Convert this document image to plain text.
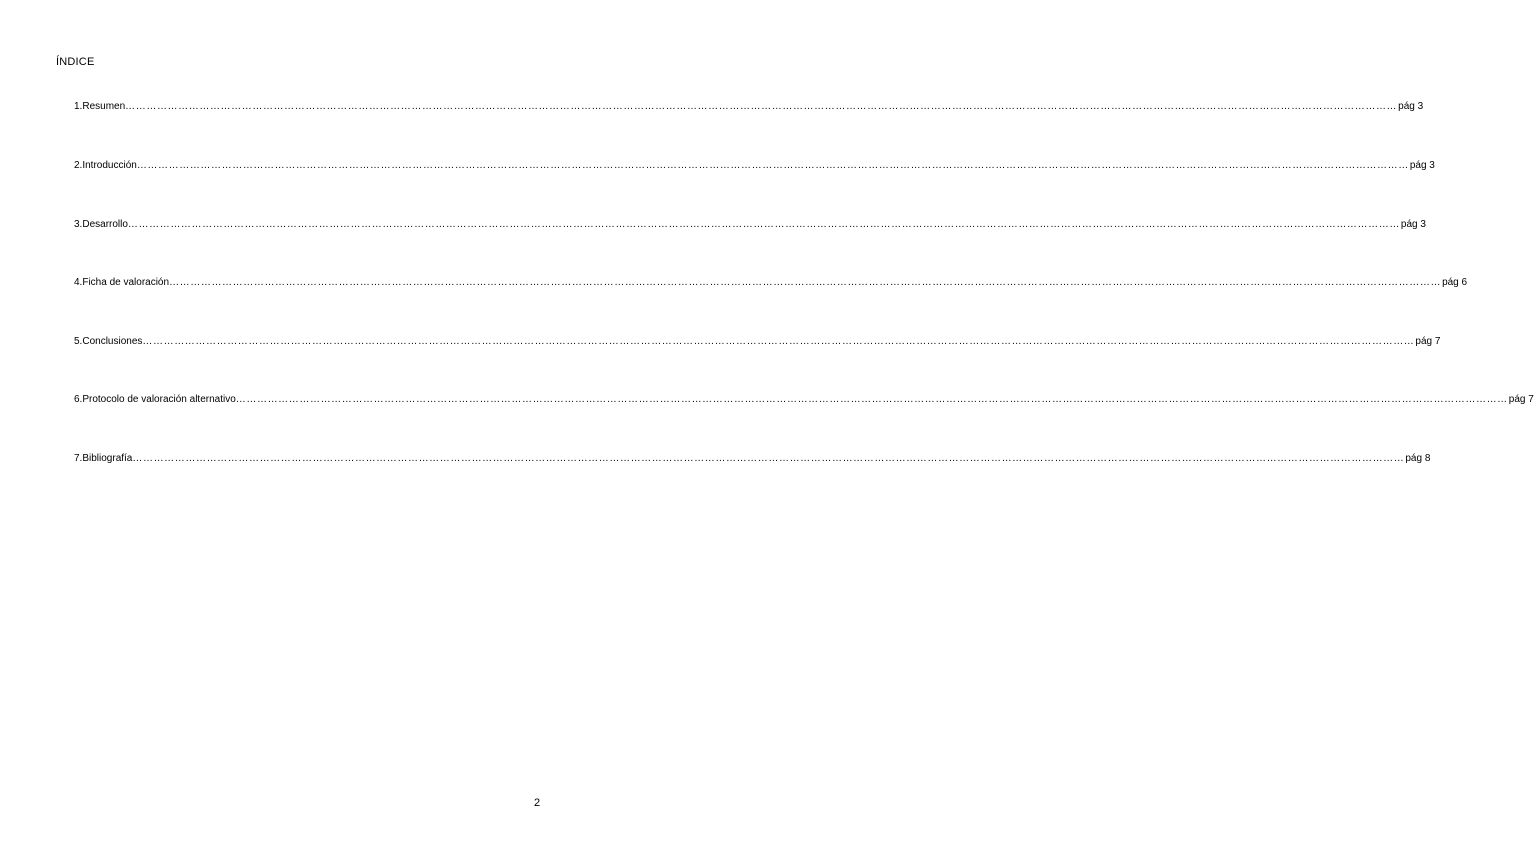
ÍNDICE
1. Resumen ……………………………………………………………………………………………………………………………………………………………………………………………………………………………………………………………………………………………………………………………… pág 3
2. Introducción ……………………………………………………………………………………………………………………………………………………………………………………………………………………………………………………………………………………………………………………………… pág 3
3. Desarrollo ……………………………………………………………………………………………………………………………………………………………………………………………………………………………………………………………………………………………………………………………… pág 3
4. Ficha de valoración ……………………………………………………………………………………………………………………………………………………………………………………………………………………………………………………………………………………………………………………………… pág 6
5. Conclusiones ……………………………………………………………………………………………………………………………………………………………………………………………………………………………………………………………………………………………………………………………… pág 7
6. Protocolo de valoración alternativo ……………………………………………………………………………………………………………………………………………………………………………………………………………………………………………………………………………………………………………………………… pág 7
7. Bibliografía ……………………………………………………………………………………………………………………………………………………………………………………………………………………………………………………………………………………………………………………………… pág 8
2
